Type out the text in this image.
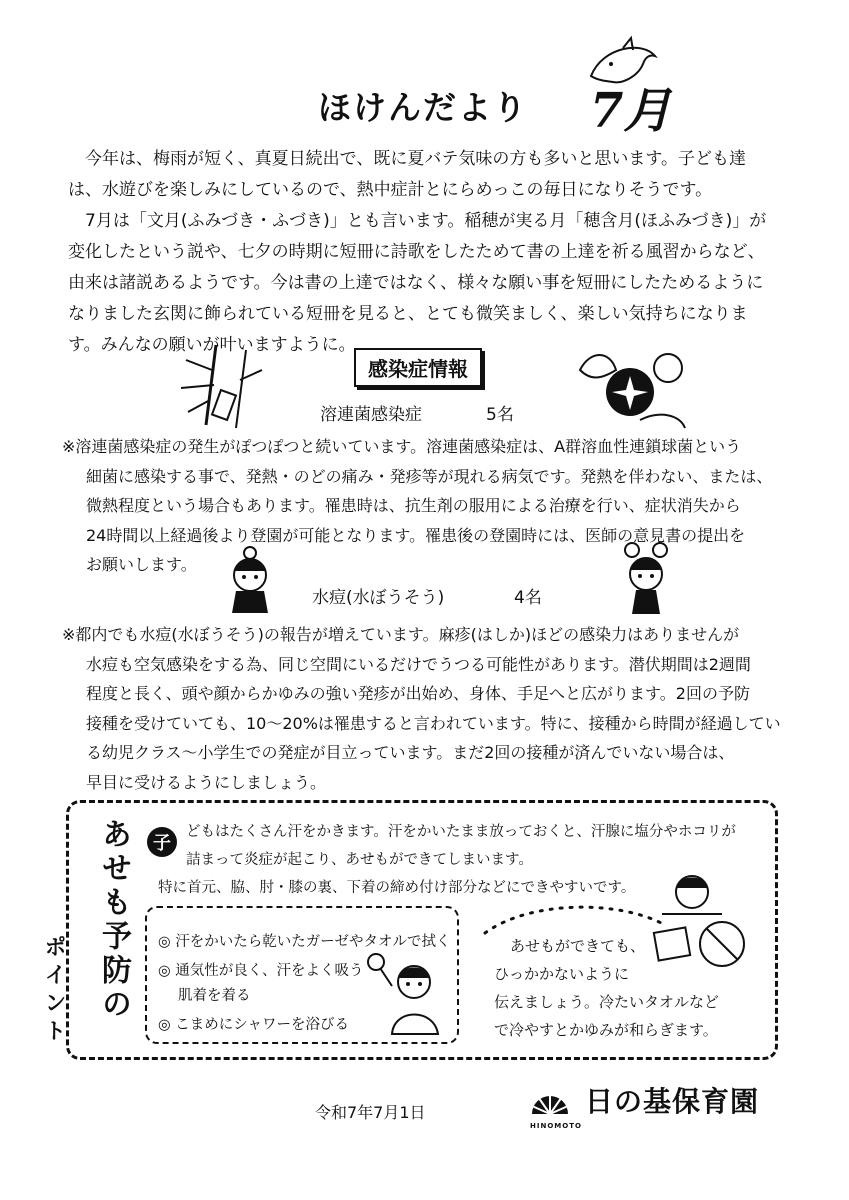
ほけんだより 7月

今年は、梅雨が短く、真夏日続出で、既に夏バテ気味の方も多いと思います。子ども達は、水遊びを楽しみにしているので、熱中症計とにらめっこの毎日になりそうです。

7月は「文月(ふみづき・ふづき)」とも言います。稲穂が実る月「穂含月(ほふみづき)」が変化したという説や、七夕の時期に短冊に詩歌をしたためて書の上達を祈る風習からなど、由来は諸説あるようです。今は書の上達ではなく、様々な願い事を短冊にしたためるようになりました玄関に飾られている短冊を見ると、とても微笑ましく、楽しい気持ちになります。みんなの願いが叶いますように。

感染症情報
溶連菌感染症	5名
※溶連菌感染症の発生がぽつぽつと続いています。溶連菌感染症は、A群溶血性連鎖球菌という
細菌に感染する事で、発熱・のどの痛み・発疹等が現れる病気です。発熱を伴わない、または、
微熱程度という場合もあります。罹患時は、抗生剤の服用による治療を行い、症状消失から
24時間以上経過後より登園が可能となります。罹患後の登園時には、医師の意見書の提出を
お願いします。
水痘(水ぼうそう)	4名
※都内でも水痘(水ぼうそう)の報告が増えています。麻疹(はしか)ほどの感染力はありませんが
水痘も空気感染をする為、同じ空間にいるだけでうつる可能性があります。潜伏期間は2週間
程度と長く、頭や顔からかゆみの強い発疹が出始め、身体、手足へと広がります。2回の予防
接種を受けていても、10〜20%は罹患すると言われています。特に、接種から時間が経過してい
る幼児クラス〜小学生での発症が目立っています。まだ2回の接種が済んでいない場合は、
早目に受けるようにしましょう。
あせも予防の
ポイント
子
どもはたくさん汗をかきます。汗をかいたまま放っておくと、汗腺に塩分やホコリが
詰まって炎症が起こり、あせもができてしまいます。
特に首元、脇、肘・膝の裏、下着の締め付け部分などにできやすいです。
◎ 汗をかいたら乾いたガーゼやタオルで拭く
◎ 通気性が良く、汗をよく吸う
肌着を着る
◎ こまめにシャワーを浴びる
あせもができても、
ひっかかないように
伝えましょう。冷たいタオルなど
で冷やすとかゆみが和らぎます。
令和7年7月1日	日の基保育園
HINOMOTO
